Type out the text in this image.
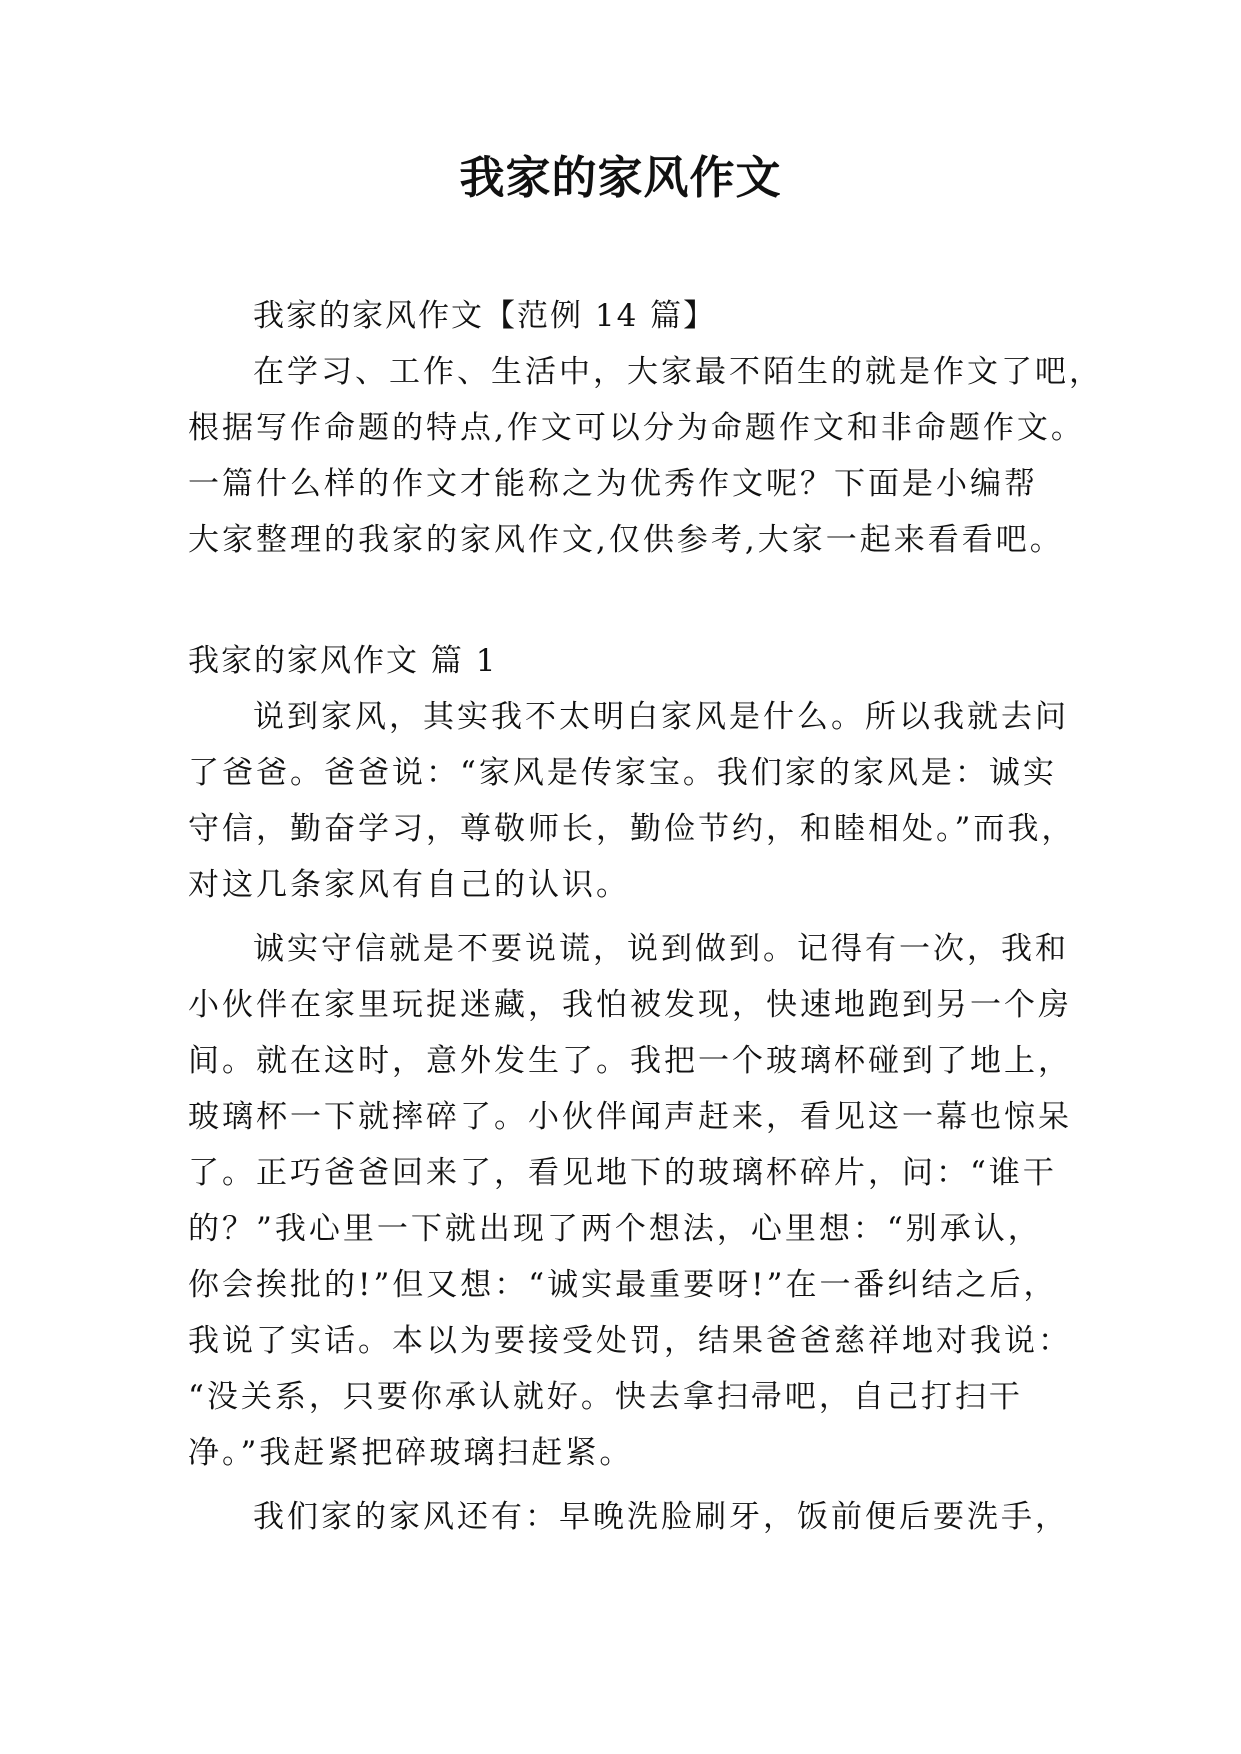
我家的家风作文

我家的家风作文【范例 14 篇】

在学习、工作、生活中，大家最不陌生的就是作文了吧，

根据写作命题的特点,作文可以分为命题作文和非命题作文。

一篇什么样的作文才能称之为优秀作文呢？下面是小编帮

大家整理的我家的家风作文,仅供参考,大家一起来看看吧。

我家的家风作文 篇 1

说到家风，其实我不太明白家风是什么。所以我就去问

了爸爸。爸爸说：“家风是传家宝。我们家的家风是：诚实

守信，勤奋学习，尊敬师长，勤俭节约，和睦相处。”而我，

对这几条家风有自己的认识。

诚实守信就是不要说谎，说到做到。记得有一次，我和

小伙伴在家里玩捉迷藏，我怕被发现，快速地跑到另一个房

间。就在这时，意外发生了。我把一个玻璃杯碰到了地上，

玻璃杯一下就摔碎了。小伙伴闻声赶来，看见这一幕也惊呆

了。正巧爸爸回来了，看见地下的玻璃杯碎片，问：“谁干

的？”我心里一下就出现了两个想法，心里想：“别承认，

你会挨批的!”但又想：“诚实最重要呀!”在一番纠结之后，

我说了实话。本以为要接受处罚，结果爸爸慈祥地对我说：

“没关系，只要你承认就好。快去拿扫帚吧，自己打扫干

净。”我赶紧把碎玻璃扫赶紧。

我们家的家风还有：早晚洗脸刷牙，饭前便后要洗手，
